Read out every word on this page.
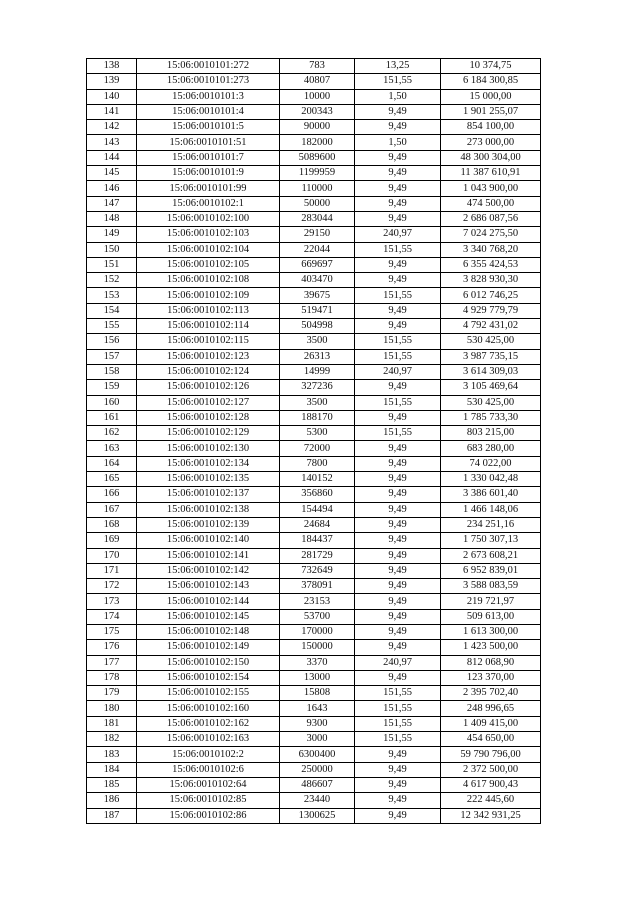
138	15:06:0010101:272	783	13,25	10 374,75
139	15:06:0010101:273	40807	151,55	6 184 300,85
140	15:06:0010101:3	10000	1,50	15 000,00
141	15:06:0010101:4	200343	9,49	1 901 255,07
142	15:06:0010101:5	90000	9,49	854 100,00
143	15:06:0010101:51	182000	1,50	273 000,00
144	15:06:0010101:7	5089600	9,49	48 300 304,00
145	15:06:0010101:9	1199959	9,49	11 387 610,91
146	15:06:0010101:99	110000	9,49	1 043 900,00
147	15:06:0010102:1	50000	9,49	474 500,00
148	15:06:0010102:100	283044	9,49	2 686 087,56
149	15:06:0010102:103	29150	240,97	7 024 275,50
150	15:06:0010102:104	22044	151,55	3 340 768,20
151	15:06:0010102:105	669697	9,49	6 355 424,53
152	15:06:0010102:108	403470	9,49	3 828 930,30
153	15:06:0010102:109	39675	151,55	6 012 746,25
154	15:06:0010102:113	519471	9,49	4 929 779,79
155	15:06:0010102:114	504998	9,49	4 792 431,02
156	15:06:0010102:115	3500	151,55	530 425,00
157	15:06:0010102:123	26313	151,55	3 987 735,15
158	15:06:0010102:124	14999	240,97	3 614 309,03
159	15:06:0010102:126	327236	9,49	3 105 469,64
160	15:06:0010102:127	3500	151,55	530 425,00
161	15:06:0010102:128	188170	9,49	1 785 733,30
162	15:06:0010102:129	5300	151,55	803 215,00
163	15:06:0010102:130	72000	9,49	683 280,00
164	15:06:0010102:134	7800	9,49	74 022,00
165	15:06:0010102:135	140152	9,49	1 330 042,48
166	15:06:0010102:137	356860	9,49	3 386 601,40
167	15:06:0010102:138	154494	9,49	1 466 148,06
168	15:06:0010102:139	24684	9,49	234 251,16
169	15:06:0010102:140	184437	9,49	1 750 307,13
170	15:06:0010102:141	281729	9,49	2 673 608,21
171	15:06:0010102:142	732649	9,49	6 952 839,01
172	15:06:0010102:143	378091	9,49	3 588 083,59
173	15:06:0010102:144	23153	9,49	219 721,97
174	15:06:0010102:145	53700	9,49	509 613,00
175	15:06:0010102:148	170000	9,49	1 613 300,00
176	15:06:0010102:149	150000	9,49	1 423 500,00
177	15:06:0010102:150	3370	240,97	812 068,90
178	15:06:0010102:154	13000	9,49	123 370,00
179	15:06:0010102:155	15808	151,55	2 395 702,40
180	15:06:0010102:160	1643	151,55	248 996,65
181	15:06:0010102:162	9300	151,55	1 409 415,00
182	15:06:0010102:163	3000	151,55	454 650,00
183	15:06:0010102:2	6300400	9,49	59 790 796,00
184	15:06:0010102:6	250000	9,49	2 372 500,00
185	15:06:0010102:64	486607	9,49	4 617 900,43
186	15:06:0010102:85	23440	9,49	222 445,60
187	15:06:0010102:86	1300625	9,49	12 342 931,25
